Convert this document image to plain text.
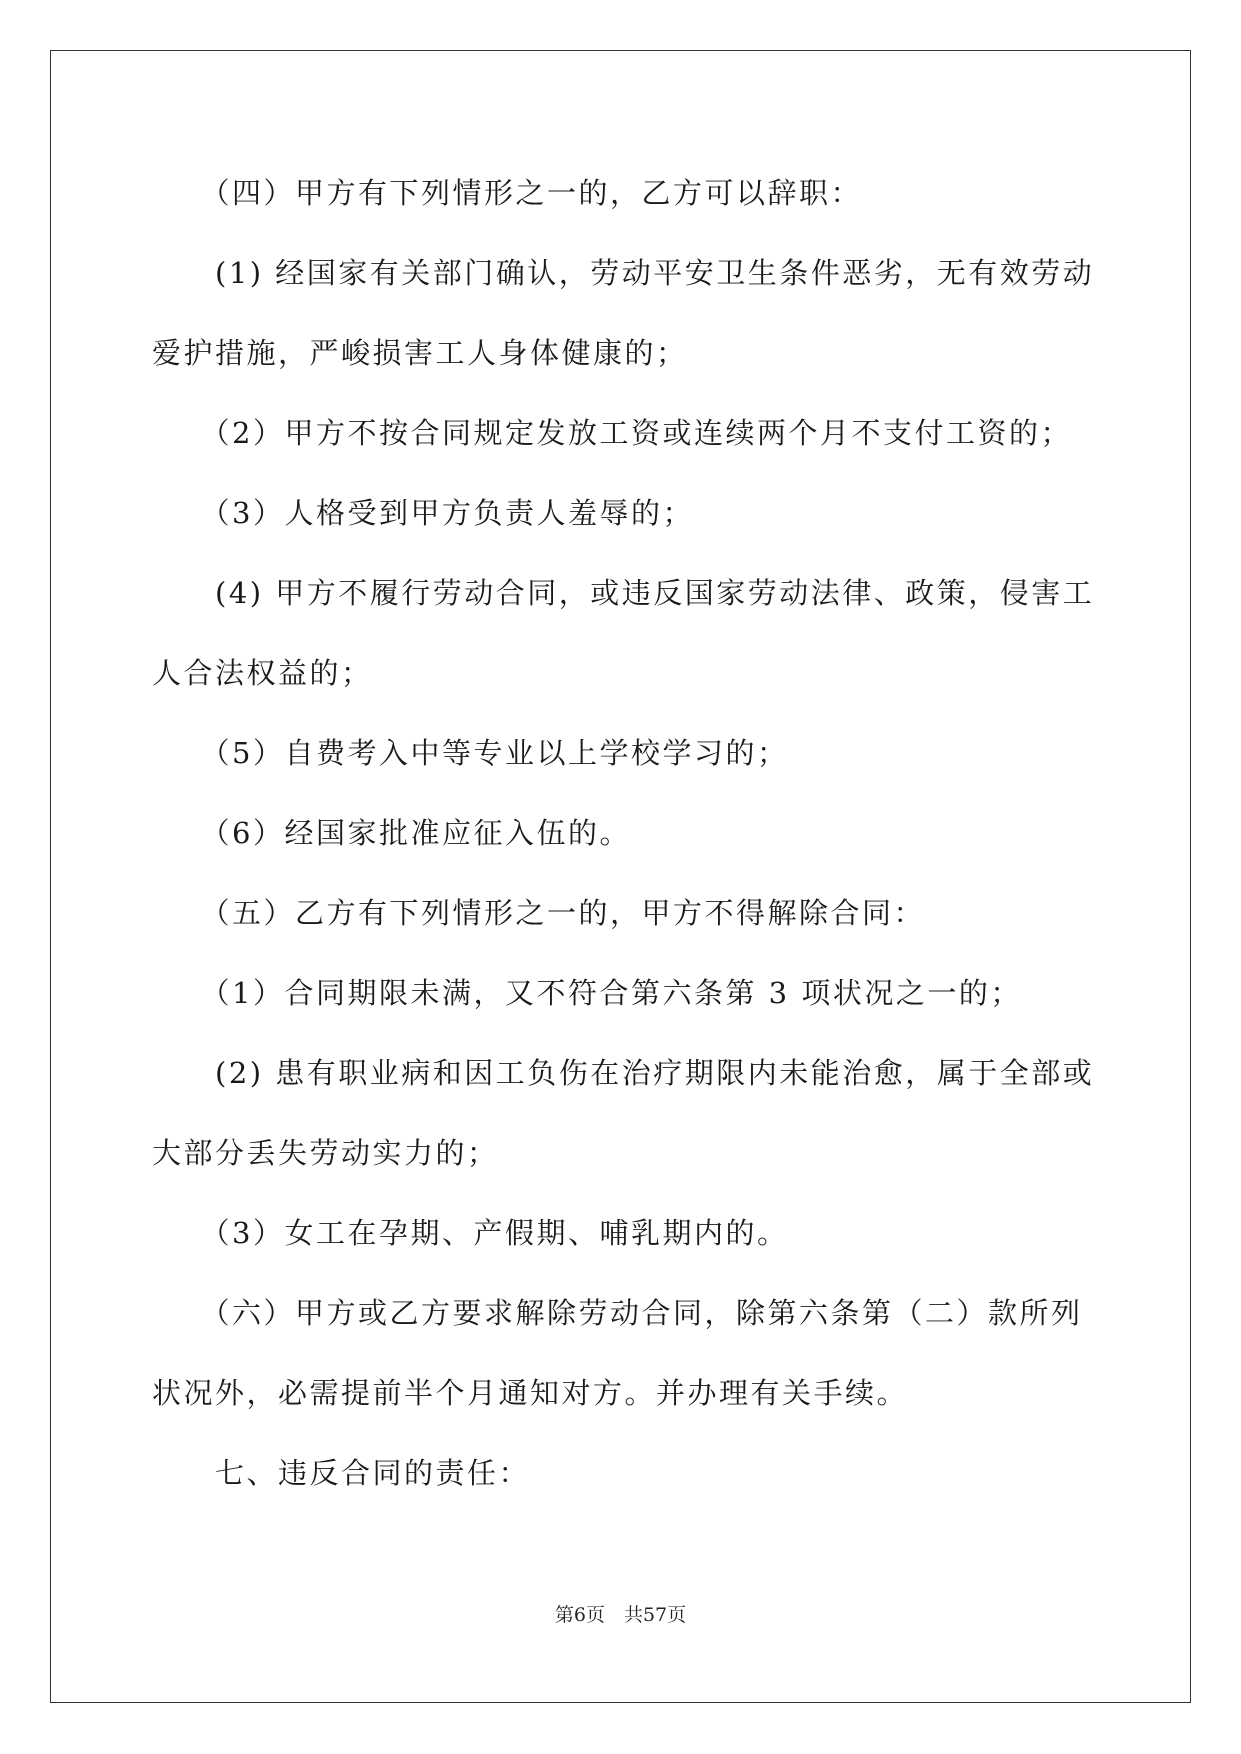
　　（四）甲方有下列情形之一的，乙方可以辞职：

　　(1) 经国家有关部门确认，劳动平安卫生条件恶劣，无有效劳动

爱护措施，严峻损害工人身体健康的；

　　（2）甲方不按合同规定发放工资或连续两个月不支付工资的；

　　（3）人格受到甲方负责人羞辱的；

　　(4) 甲方不履行劳动合同，或违反国家劳动法律、政策，侵害工

人合法权益的；

　　（5）自费考入中等专业以上学校学习的；

　　（6）经国家批准应征入伍的。

　　（五）乙方有下列情形之一的，甲方不得解除合同：

　　（1）合同期限未满，又不符合第六条第 3 项状况之一的；

　　(2) 患有职业病和因工负伤在治疗期限内未能治愈，属于全部或

大部分丢失劳动实力的；

　　（3）女工在孕期、产假期、哺乳期内的。

　　（六）甲方或乙方要求解除劳动合同，除第六条第（二）款所列

状况外，必需提前半个月通知对方。并办理有关手续。

　　七、违反合同的责任：

第6页　共57页
